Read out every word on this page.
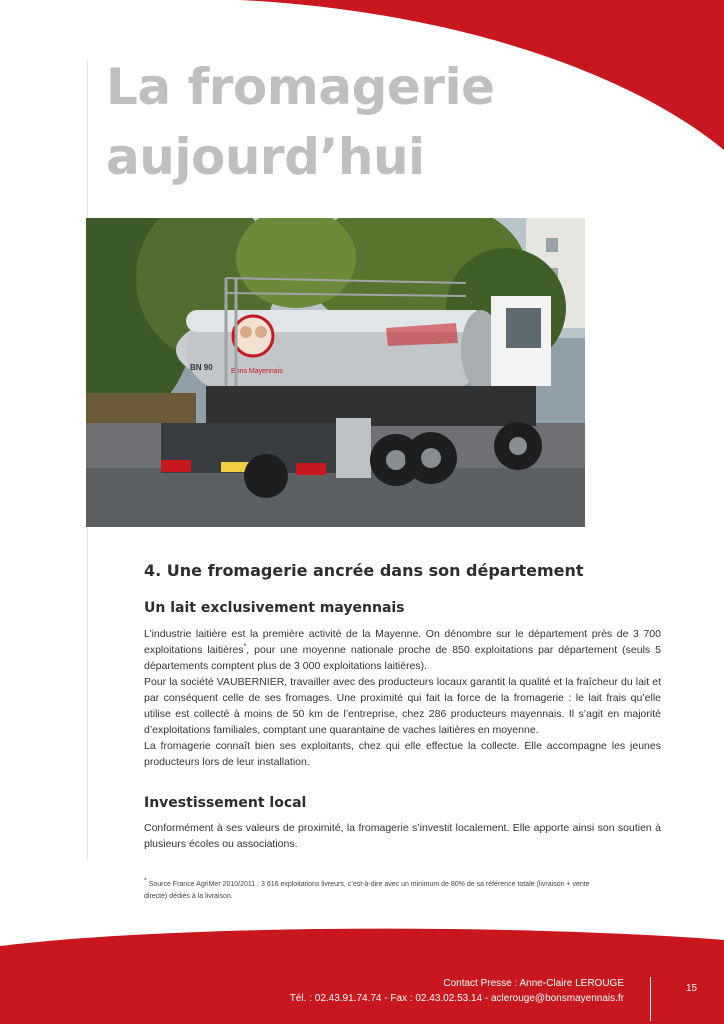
La fromagerie
aujourd’hui
Bons Mayennais
BN 90
4. Une fromagerie ancrée dans son département
Un lait exclusivement mayennais

L’industrie laitière est la première activité de la Mayenne. On dénombre sur le département près de 3 700 exploitations laitières*, pour une moyenne nationale proche de 850 exploitations par département (seuls 5 départements comptent plus de 3 000 exploitations laitières).

Pour la société VAUBERNIER, travailler avec des producteurs locaux garantit la qualité et la fraîcheur du lait et par conséquent celle de ses fromages. Une proximité qui fait la force de la fromagerie : le lait frais qu’elle utilise est collecté à moins de 50 km de l’entreprise, chez 286 producteurs mayennais. Il s’agit en majorité d’exploitations familiales, comptant une quarantaine de vaches laitières en moyenne.

La fromagerie connaît bien ses exploitants, chez qui elle effectue la collecte. Elle accompagne les jeunes producteurs lors de leur installation.

Investissement local

Conformément à ses valeurs de proximité, la fromagerie s’investit localement. Elle apporte ainsi son soutien à plusieurs écoles ou associations.

* Source France AgriMer 2010/2011 : 3 616 exploitations livreurs, c’est-à-dire avec un minimum de 80% de sa référence totale (livraison + vente directe) dédiés à la livraison.

Contact Presse : Anne-Claire LEROUGE
Tél. : 02.43.91.74.74 - Fax : 02.43.02.53.14 - aclerouge@bonsmayennais.fr
15
